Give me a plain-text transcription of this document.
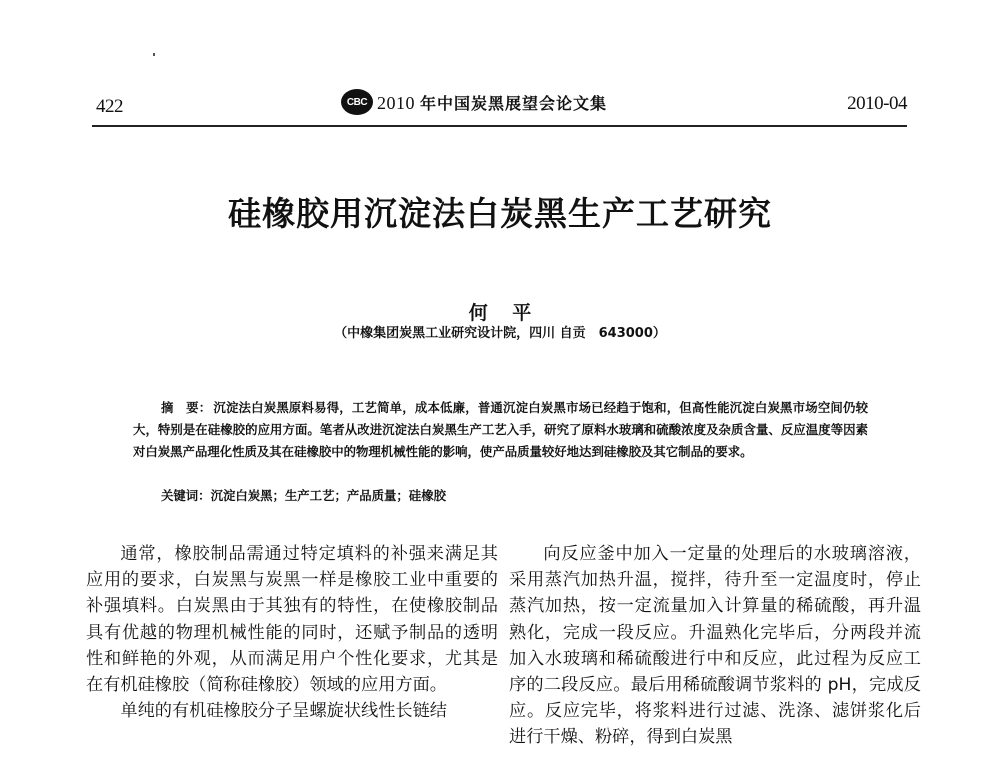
422	CBC 2010 年中国炭黑展望会论文集	2010-04
硅橡胶用沉淀法白炭黑生产工艺研究
何 平
（中橡集团炭黑工业研究设计院，四川 自贡　643000）
摘　要： 沉淀法白炭黑原料易得，工艺简单，成本低廉，普通沉淀白炭黑市场已经趋于饱和，但高性能沉淀白炭黑市场空间仍较大，特别是在硅橡胶的应用方面。笔者从改进沉淀法白炭黑生产工艺入手，研究了原料水玻璃和硫酸浓度及杂质含量、反应温度等因素对白炭黑产品理化性质及其在硅橡胶中的物理机械性能的影响，使产品质量较好地达到硅橡胶及其它制品的要求。
关键词：沉淀白炭黑；生产工艺；产品质量；硅橡胶

通常，橡胶制品需通过特定填料的补强来满足其应用的要求，白炭黑与炭黑一样是橡胶工业中重要的补强填料。白炭黑由于其独有的特性，在使橡胶制品具有优越的物理机械性能的同时，还赋予制品的透明性和鲜艳的外观，从而满足用户个性化要求，尤其是在有机硅橡胶（简称硅橡胶）领域的应用方面。

单纯的有机硅橡胶分子呈螺旋状线性长链结

向反应釜中加入一定量的处理后的水玻璃溶液，采用蒸汽加热升温，搅拌，待升至一定温度时，停止蒸汽加热，按一定流量加入计算量的稀硫酸，再升温熟化，完成一段反应。升温熟化完毕后，分两段并流加入水玻璃和稀硫酸进行中和反应，此过程为反应工序的二段反应。最后用稀硫酸调节浆料的 pH，完成反应。反应完毕，将浆料进行过滤、洗涤、滤饼浆化后进行干燥、粉碎，得到白炭黑
